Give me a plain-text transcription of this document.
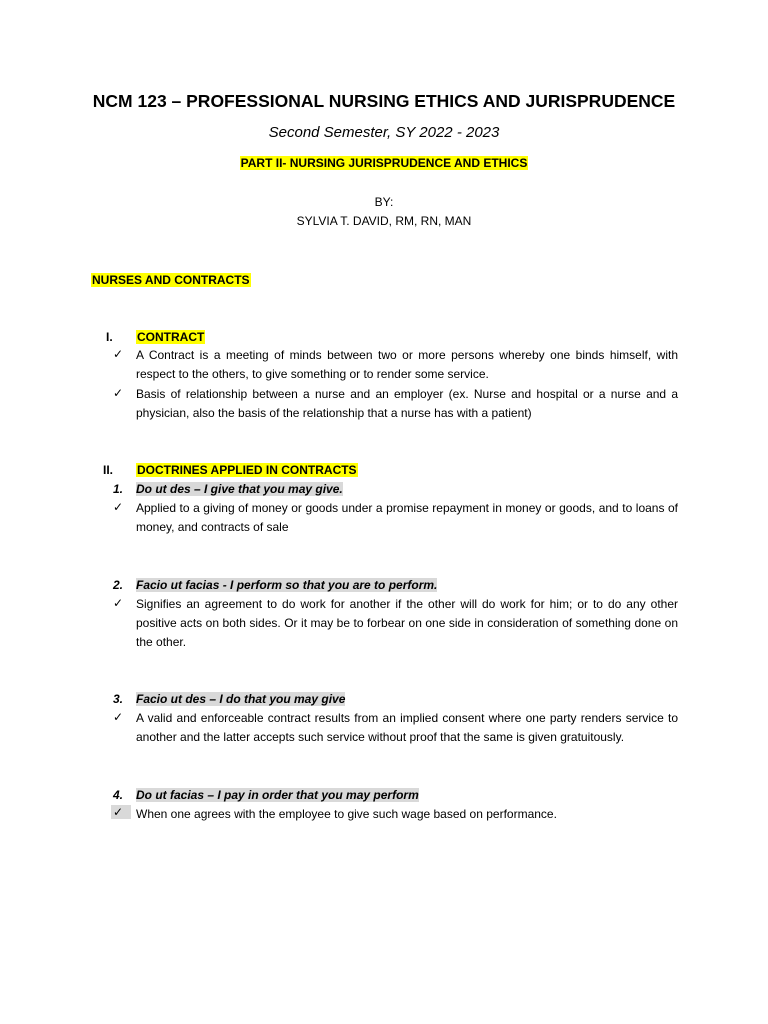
NCM 123 – PROFESSIONAL NURSING ETHICS AND JURISPRUDENCE
Second Semester, SY 2022 - 2023
PART II- NURSING JURISPRUDENCE AND ETHICS
BY:
SYLVIA T. DAVID, RM, RN, MAN
NURSES AND CONTRACTS
I. CONTRACT
✓ A Contract is a meeting of minds between two or more persons whereby one binds himself, with respect to the others, to give something or to render some service.
✓ Basis of relationship between a nurse and an employer (ex. Nurse and hospital or a nurse and a physician, also the basis of the relationship that a nurse has with a patient)
II. DOCTRINES APPLIED IN CONTRACTS
1. Do ut des – I give that you may give.
✓ Applied to a giving of money or goods under a promise repayment in money or goods, and to loans of money, and contracts of sale
2. Facio ut facias - I perform so that you are to perform.
✓ Signifies an agreement to do work for another if the other will do work for him; or to do any other positive acts on both sides. Or it may be to forbear on one side in consideration of something done on the other.
3. Facio ut des – I do that you may give
✓ A valid and enforceable contract results from an implied consent where one party renders service to another and the latter accepts such service without proof that the same is given gratuitously.
4. Do ut facias – I pay in order that you may perform
✓	When one agrees with the employee to give such wage based on performance.
